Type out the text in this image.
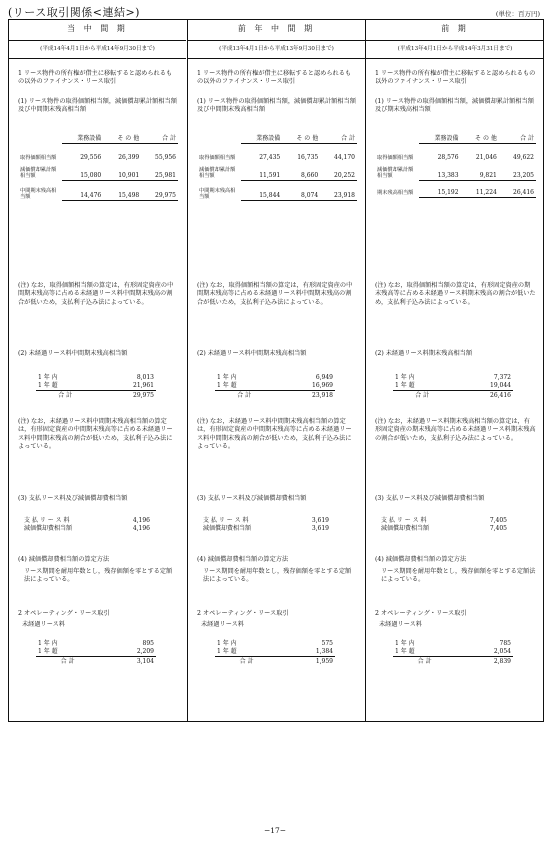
(リース取引関係<連結>)	(単位：百万円)
当 中 間 期
(平成14年4月1日から平成14年9月30日まで)
1 リース物件の所有権が借主に移転すると認められるもの以外のファイナンス・リース取引
(1) リース物件の取得価額相当額，減価償却累計額相当額及び中間期末残高相当額
	業務設備	そ の 他	合 計

取得価額相当額	29,556	26,399	55,956

減価償却累計額相当額	15,080	10,901	25,981

中間期末残高相当額	14,476	15,498	29,975
(注) なお，取得価額相当額の算定は，有形固定資産の中間期末残高等に占める未経過リース料中間期末残高の割合が低いため，支払利子込み法によっている。
(2) 未経過リース料中間期末残高相当額
1 年 内	8,013
1 年 超	21,961
合 計	29,975
(注) なお，未経過リース料中間期末残高相当額の算定は，有形固定資産の中間期末残高等に占める未経過リース料中間期末残高の割合が低いため，支払利子込み法によっている。
(3) 支払リース料及び減価償却費相当額
支 払 リ ー ス 料	4,196
減価償却費相当額	4,196
(4) 減価償却費相当額の算定方法
リース期間を耐用年数とし，残存価額を零とする定額法によっている。
2 オペレーティング・リース取引
未経過リース料
1 年 内	895
1 年 超	2,209
合 計	3,104
前 年 中 間 期
(平成13年4月1日から平成13年9月30日まで)
1 リース物件の所有権が借主に移転すると認められるもの以外のファイナンス・リース取引
(1) リース物件の取得価額相当額，減価償却累計額相当額及び中間期末残高相当額
	業務設備	そ の 他	合 計

取得価額相当額	27,435	16,735	44,170

減価償却累計額相当額	11,591	8,660	20,252

中間期末残高相当額	15,844	8,074	23,918
(注) なお，取得価額相当額の算定は，有形固定資産の中間期末残高等に占める未経過リース料中間期末残高の割合が低いため，支払利子込み法によっている。
(2) 未経過リース料中間期末残高相当額
1 年 内	6,949
1 年 超	16,969
合 計	23,918
(注) なお，未経過リース料中間期末残高相当額の算定は，有形固定資産の中間期末残高等に占める未経過リース料中間期末残高の割合が低いため，支払利子込み法によっている。
(3) 支払リース料及び減価償却費相当額
支 払 リ ー ス 料	3,619
減価償却費相当額	3,619
(4) 減価償却費相当額の算定方法
リース期間を耐用年数とし，残存価額を零とする定額法によっている。
2 オペレーティング・リース取引
未経過リース料
1 年 内	575
1 年 超	1,384
合 計	1,959
前 期
(平成13年4月1日から平成14年3月31日まで)
1 リース物件の所有権が借主に移転すると認められるもの以外のファイナンス・リース取引
(1) リース物件の取得価額相当額，減価償却累計額相当額及び期末残高相当額
	業務設備	そ の 他	合 計

取得価額相当額	28,576	21,046	49,622

減価償却累計額相当額	13,383	9,821	23,205

期末残高相当額	15,192	11,224	26,416
(注) なお，取得価額相当額の算定は，有形固定資産の期末残高等に占める未経過リース料期末残高の割合が低いため，支払利子込み法によっている。
(2) 未経過リース料期末残高相当額
1 年 内	7,372
1 年 超	19,044
合 計	26,416
(注) なお，未経過リース料期末残高相当額の算定は，有形固定資産の期末残高等に占める未経過リース料期末残高の割合が低いため，支払利子込み法によっている。
(3) 支払リース料及び減価償却費相当額
支 払 リ ー ス 料	7,405
減価償却費相当額	7,405
(4) 減価償却費相当額の算定方法
リース期間を耐用年数とし，残存価額を零とする定額法によっている。
2 オペレーティング・リース取引
未経過リース料
1 年 内	785
1 年 超	2,054
合 計	2,839
−17−
